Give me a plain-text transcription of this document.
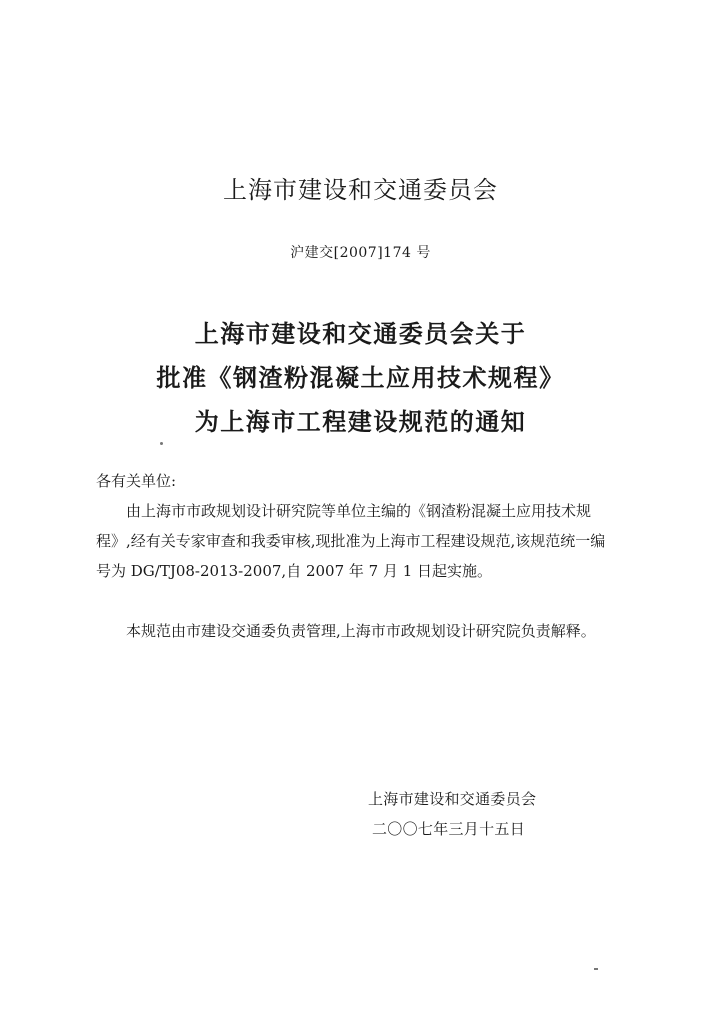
上海市建设和交通委员会
沪建交[2007]174 号
上海市建设和交通委员会关于
批准《钢渣粉混凝土应用技术规程》
为上海市工程建设规范的通知
各有关单位:
由上海市市政规划设计研究院等单位主编的《钢渣粉混凝土应用技术规程》,经有关专家审查和我委审核,现批准为上海市工程建设规范,该规范统一编号为 DG/TJ08-2013-2007,自 2007 年 7 月 1 日起实施。
本规范由市建设交通委负责管理,上海市市政规划设计研究院负责解释。
上海市建设和交通委员会
二〇〇七年三月十五日
